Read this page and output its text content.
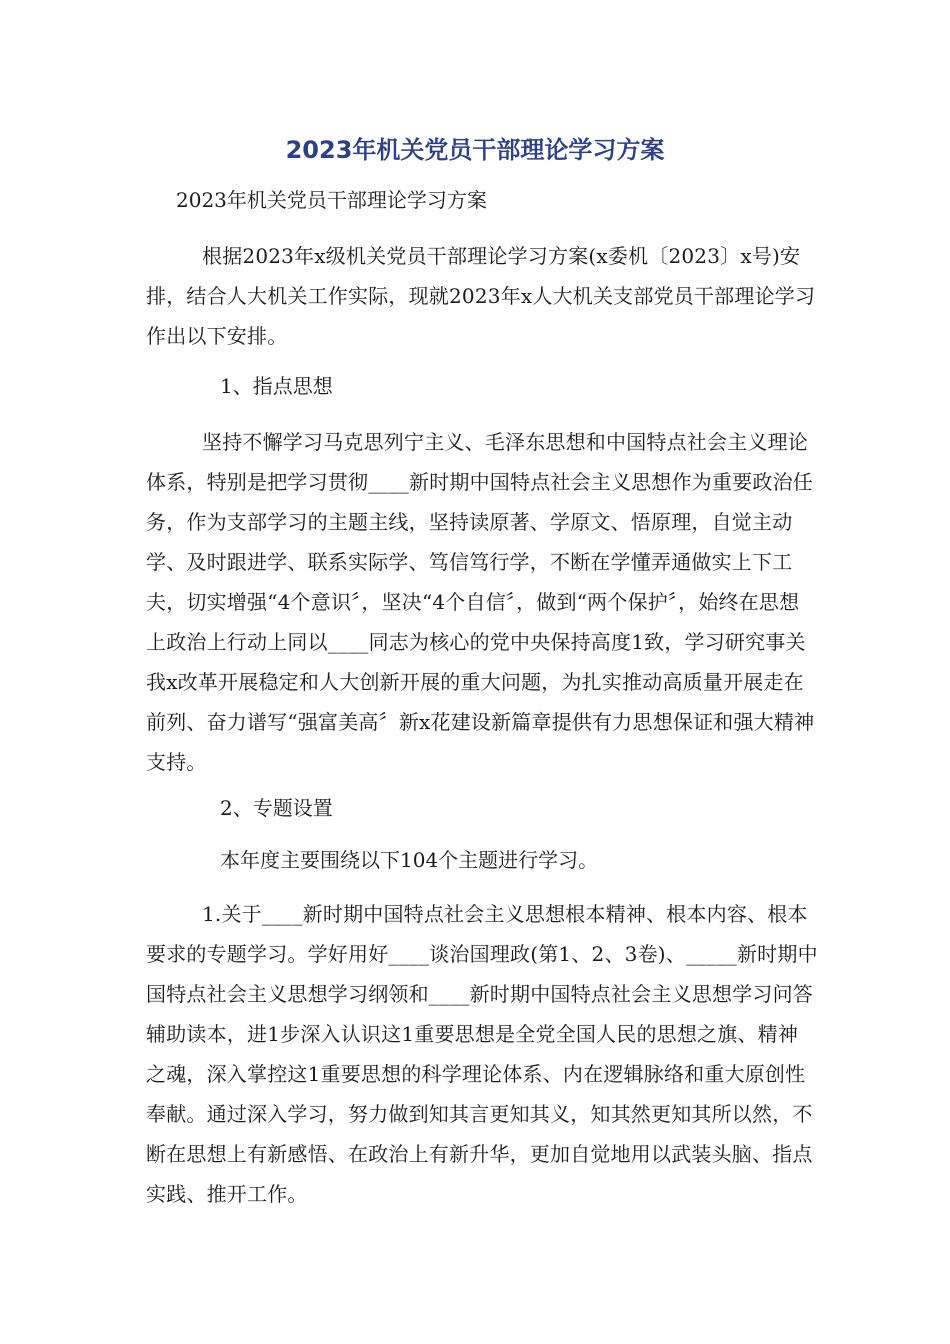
2023年机关党员干部理论学习方案

2023年机关党员干部理论学习方案

根据2023年x级机关党员干部理论学习方案(x委机〔2023〕x号)安排，结合人大机关工作实际，现就2023年x人大机关支部党员干部理论学习作出以下安排。

1、指点思想

坚持不懈学习马克思列宁主义、毛泽东思想和中国特点社会主义理论体系，特别是把学习贯彻____新时期中国特点社会主义思想作为重要政治任务，作为支部学习的主题主线，坚持读原著、学原文、悟原理，自觉主动学、及时跟进学、联系实际学、笃信笃行学，不断在学懂弄通做实上下工夫，切实增强“4个意识〞，坚决“4个自信〞，做到“两个保护〞，始终在思想上政治上行动上同以____同志为核心的党中央保持高度1致，学习研究事关我x改革开展稳定和人大创新开展的重大问题，为扎实推动高质量开展走在前列、奋力谱写“强富美高〞新x花建设新篇章提供有力思想保证和强大精神支持。

2、专题设置

本年度主要围绕以下104个主题进行学习。

1.关于____新时期中国特点社会主义思想根本精神、根本内容、根本要求的专题学习。学好用好____谈治国理政(第1、2、3卷)、_____新时期中国特点社会主义思想学习纲领和____新时期中国特点社会主义思想学习问答辅助读本，进1步深入认识这1重要思想是全党全国人民的思想之旗、精神之魂，深入掌控这1重要思想的科学理论体系、内在逻辑脉络和重大原创性奉献。通过深入学习，努力做到知其言更知其义，知其然更知其所以然，不断在思想上有新感悟、在政治上有新升华，更加自觉地用以武装头脑、指点实践、推开工作。
